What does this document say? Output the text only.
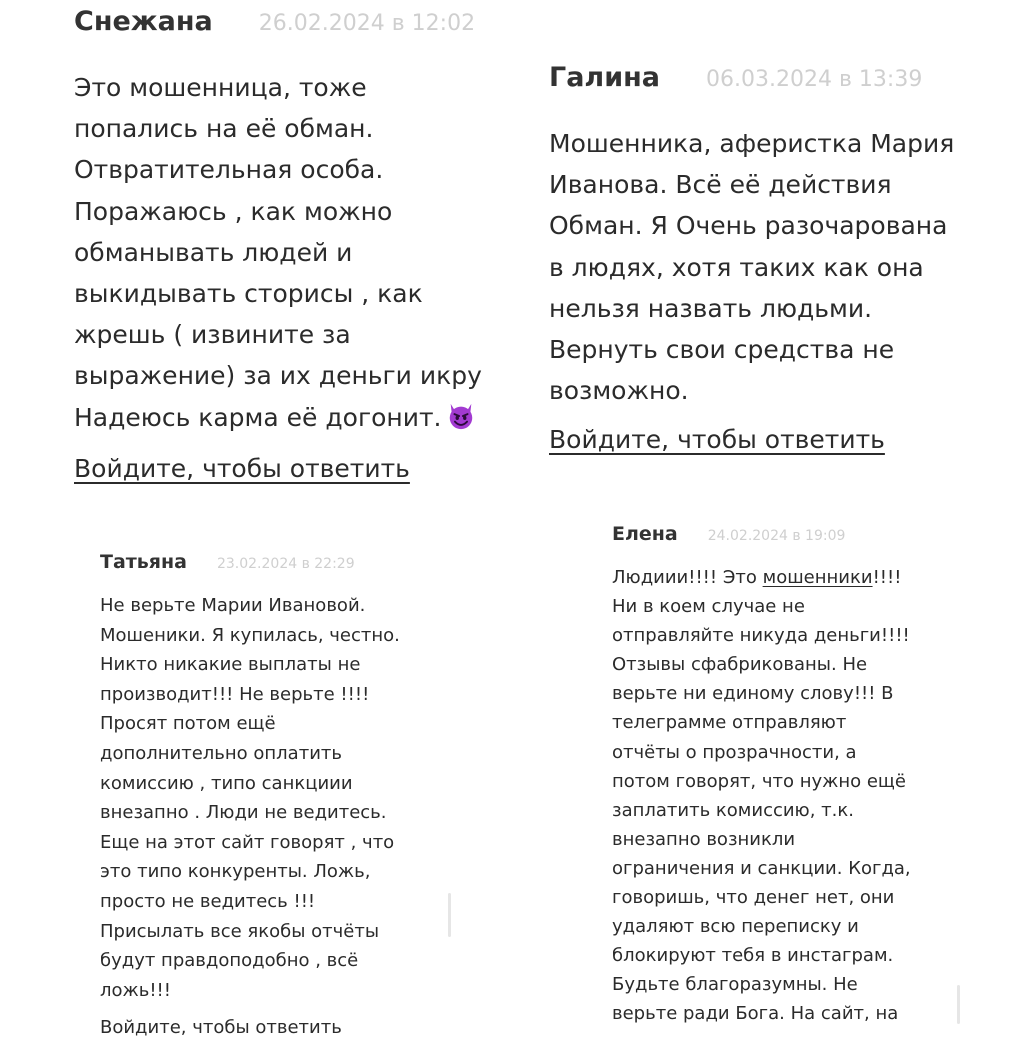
Снежана 26.02.2024 в 12:02

Это мошенница, тоже

попались на её обман.

Отвратительная особа.

Поражаюсь , как можно

обманывать людей и

выкидывать сторисы , как

жрешь ( извините за

выражение) за их деньги икру

Надеюсь карма её догонит.

Войдите, чтобы ответить
Галина 06.03.2024 в 13:39

Мошенника, аферистка Мария

Иванова. Всё её действия

Обман. Я Очень разочарована

в людях, хотя таких как она

нельзя назвать людьми.

Вернуть свои средства не

возможно.

Войдите, чтобы ответить
Татьяна 23.02.2024 в 22:29

Не верьте Марии Ивановой.

Мошеники. Я купилась, честно.

Никто никакие выплаты не

производит!!! Не верьте !!!!

Просят потом ещё

дополнительно оплатить

комиссию , типо санкциии

внезапно . Люди не ведитесь.

Еще на этот сайт говорят , что

это типо конкуренты. Ложь,

просто не ведитесь !!!

Присылать все якобы отчёты

будут правдоподобно , всё

ложь!!!

Войдите, чтобы ответить
Елена 24.02.2024 в 19:09

Людиии!!!! Это мошенники!!!!

Ни в коем случае не

отправляйте никуда деньги!!!!

Отзывы сфабрикованы. Не

верьте ни единому слову!!! В

телеграмме отправляют

отчёты о прозрачности, а

потом говорят, что нужно ещё

заплатить комиссию, т.к.

внезапно возникли

ограничения и санкции. Когда,

говоришь, что денег нет, они

удаляют всю переписку и

блокируют тебя в инстаграм.

Будьте благоразумны. Не

верьте ради Бога. На сайт, на
